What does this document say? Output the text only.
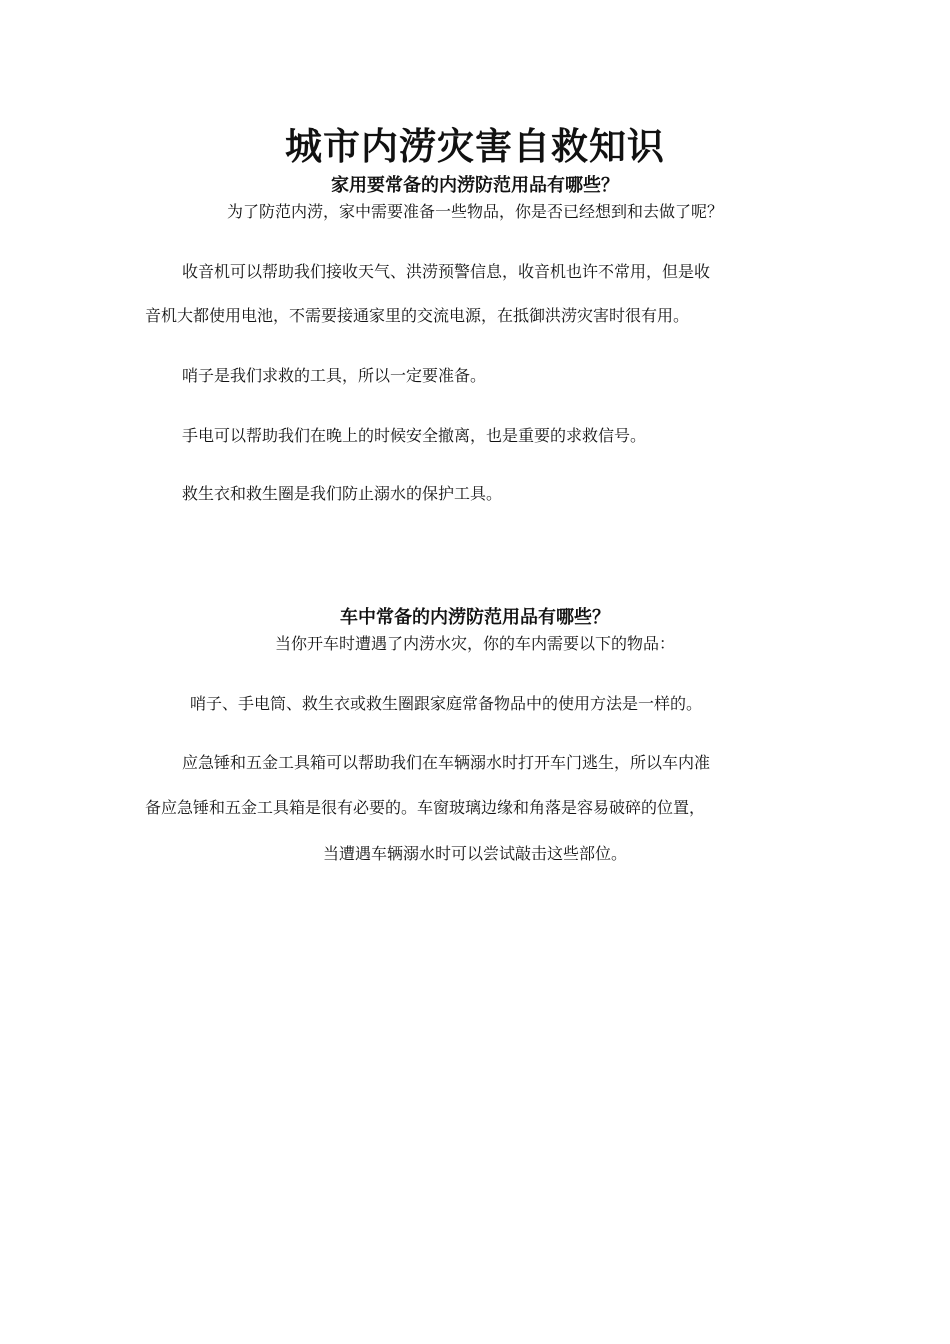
城市内涝灾害自救知识
家用要常备的内涝防范用品有哪些？
为了防范内涝，家中需要准备一些物品，你是否已经想到和去做了呢？
收音机可以帮助我们接收天气、洪涝预警信息，收音机也许不常用，但是收
音机大都使用电池，不需要接通家里的交流电源，在抵御洪涝灾害时很有用。
哨子是我们求救的工具，所以一定要准备。
手电可以帮助我们在晚上的时候安全撤离，也是重要的求救信号。
救生衣和救生圈是我们防止溺水的保护工具。
车中常备的内涝防范用品有哪些？
当你开车时遭遇了内涝水灾，你的车内需要以下的物品：
哨子、手电筒、救生衣或救生圈跟家庭常备物品中的使用方法是一样的。
应急锤和五金工具箱可以帮助我们在车辆溺水时打开车门逃生，所以车内准
备应急锤和五金工具箱是很有必要的。车窗玻璃边缘和角落是容易破碎的位置，
当遭遇车辆溺水时可以尝试敲击这些部位。
